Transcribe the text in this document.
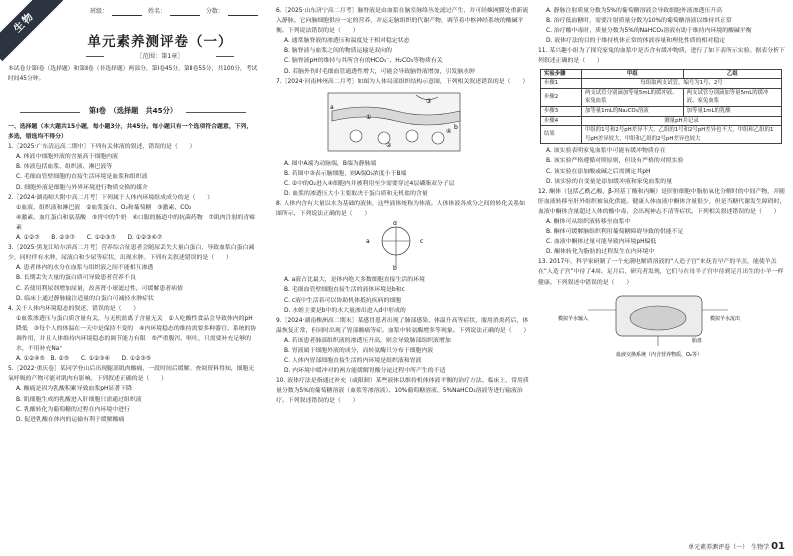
生物	班级：	姓名：	分数：
单元素养测评卷（一）
［范围：第1章］
本试卷分第Ⅰ卷（选择题）和第Ⅱ卷（非选择题）两部分，第Ⅰ卷45分，第Ⅱ卷55分，共100分，考试时间45分钟。
第Ⅰ卷　（选择题　共45分）

一、选择题（本大题共15小题，每小题3分，共45分。每小题只有一个选项符合题意，下列，多选，错选均不得分）

1.［2025·广东清远高二期中］下列有关体液的叙述，错误的是（　　）

A. 体液中细胞外液的含量高于细胞内液

B. 体液包括血浆、组织液、淋巴液等

C. 毛细血管壁细胞的直接生活环境是血浆和组织液

D. 细胞外液是细胞与外界环境进行物质交换的媒介

2.［2024·湖南师大附中高二月考］下列属于人体内环境组成成分的是（　　）

①血液、组织液和淋巴液　②血浆蛋白、O₂和葡萄糖　③激素、CO₂

④激素、血红蛋白和氨基酸　⑤胃中的牛奶　⑥口服的肠道中的抗菌药物　⑦肌肉注射的青霉素

A. ①②⑦　　B. ②③⑦　　C. ①②③⑦　　D. ①②③⑥⑦

3.［2025·黑龙江哈尔滨高二月考］营养综合征患者会随尿丢失大量白蛋白，导致血浆白蛋白减少，同时伴有水肿，尿液白和少尿等症状，出现水肿。下列有关叙述错误的是（　　）

A. 患者体内的水分在血浆与组织液之间不能相互渗透

B. 长期丢失大量的蛋白质可导致患者营养不良

C. 若使用利尿剂增加尿量，改善肾小球滤过性，可缓解患者病情

D. 临床上通过静脉输注适量的白蛋白可减轻水肿症状

4. 关于人体内环境稳态的叙述，错误的是（　　）

①血浆渗透压与蛋白质含量有关，与无机盐离子含量无关　②人吃酸性食品会导致体内的pH降低　③每个人的体温在一天中是保持不变的　④内环境稳态的维持需要多种器官、系统的协调作用，并且人体维持内环境稳态的调节能力有限　⑤严重腹泻、呕吐，只需要补充足够的水，不用补充Na⁺

A. ①②④⑤　B. ②⑤　　C. ①②③④　　D. ①②③⑤

5.［2022·重庆卷］某同学登山后出现腿部肌肉酸痛，一段时间后缓解。查阅资料得知，细胞无氧呼吸的产物可能对肌肉有影响。下列叙述正确的是（　　）

A. 酸痛是因为乳酸积累导致血浆pH显著下降

B. 肌细胞生成的乳酸进入肝细胞只需通过组织液

C. 乳酸转化为葡萄糖的过程在内环境中进行

D. 促进乳酸在体内的运输有利于缓解酸痛

6.［2025·山东济宁高二月考］脑脊液是由血浆在脑室脉络丛处滤过产生，并可经蛛网膜处重新流入静脉。它向脑细胞供应一定的营养，并运走脑组织的代谢产物，调节着中枢神经系统的酸碱平衡。下列说法错误的是（　　）

A. 通常脑脊液的渗透压和温度处于相对稳定状态

B. 脑脊液与血浆之间的物质运输是双向的

C. 脑脊液pH的维持与其所含有的HCO₃⁻、H₂CO₃等物质有关

D. 若脑外伤时毛细血管通透性增大，可能会导致脑脊液增加，引发脑水肿

7.［2024·河南林州高二月考］如图为人体局部组织结构示意图，下列相关叙述错误的是（　　）

①
②
③
④
a
b

A. 图中A端为动脉端，B端为静脉端

B. 若图中③表示脑细胞，则A端O₂浓度小于B端

C. ②中的O₂进入④细胞内并被利用至少需要穿过4层磷脂双分子层

D. 血浆的渗透压大小主要取决于蛋白质和无机盐的含量

8. 人体内含有大量以水为基础的液体，这些液体统称为体液。人体体液各成分之间的转化关系如图所示，下列说法正确的是（　　）

a
b
c
d

A. a液占比最大，是体内绝大多数细胞直接生活的环境

B. 毛细血管壁细胞直接生活的液体环境是b和c

C. c液中生活着可以协助机体抵抗疾病的细胞

D. 水蛭主要是b中的水大量渗出进入d中形成的

9.［2024·湖南株洲高二期末］某感冒患者出现了肺部感染，体温升高等症状，服用消炎药后，体温恢复正常，但同时出现了胃部酸痛等症。血浆中转氨酶增多等现象。下列说法正确的是（　　）

A. 若该患者肺部组织液的渗透压升高，则会导致肺部组织液增加

B. 胃液属于细胞外液的成分，而转氨酶只分布于细胞内液

C. 人体内胃部细胞直接生活的内环境是组织液和胃液

D. 内环境中缓冲对的两方能缓解胃酸分泌过程中所产生的不适

10. 液体疗法是指通过补充（或限制）某些液体以维持机体体液平衡的治疗方法。临床上，常用质量分数为5%的葡萄糖溶液（血浆等渗溶液）、10%葡萄糖溶液、5%NaHCO₃溶液等进行输液治疗。下列叙述错误的是（　　）

A. 静脉注射质量分数为5%的葡萄糖溶液会导致细胞外液渗透压升高

B. 治疗低血糖时，需要注射质量分数为10%的葡萄糖溶液以维持其正常

C. 治疗酸中毒时，质量分数为5%的NaHCO₃溶液有助于维持内环境的酸碱平衡

D. 液体疗法的目的于维持机体正常的体液容量和理化性质的相对稳定

11. 某兴趣小组为了探究家兔的血浆中是否含有缓冲物质，进行了如下表所示实验。据表分析下列叙述正确的是（　　）

实验步骤	甲组	乙组
步骤1	每组取两支试管，编号为1号、2号	
步骤2	两支试管分别滴加等量5mL的缓冲液、家兔血浆	两支试管分别滴加等量5mL的缓冲液、家兔血浆
步骤3	加等量1mL的Na₂CO₃溶液	加等量1mL的乳酸
步骤4	测量pH并记录	
结果	甲组的1号和2号pH差异不大，乙组的1号和2号pH差异也不大，甲组和乙组的1号pH差异较大，甲组和乙组的2号pH差异也较大	

A. 该实验表明家兔血浆中可能有缓冲物质存在

B. 该实验严格遵循对照原则，但设有严格的对照实验

C. 该实验在添加酸或碱之后需测定其pH

D. 该实验的自变量是添加缓冲液和家兔血浆的量

12. 酮体（包括乙酰乙酸、β-羟基丁酸和丙酮）是肝脏细胞中脂肪氧化分解时的中间产物，并随肝血液转移至肝外组织被氧化供能。健康人体血液中酮体含量很少，但是当糖代谢发生障碍时，血液中酮体含量超过人体的酸中毒、会出现神志不清等症状。下列相关叙述错误的是（　　）

A. 酮体可从组织液转移至血浆中

B. 酮体可缓解脑组织利用葡萄糖障碍导致的供能不足

C. 血液中酮体过量可能导致内环境pH偏低

D. 酮体转化为脂肪的过程发生在内环境中

13. 2017年，科学家研制了一个充满电解质溶液的“人造子宫”来抚育早产的羊羔，能使羊羔在“人造子宫”中待了4周。足月后，研究者发现，它们与在母羊子宫中待到足月出生的小羊一样健康。下列叙述中错误的是（　　）

模拟羊水输入	模拟羊水流出
胎盘
血液交换系统（内含营养物质、O₂等）
单元素养测评卷（一）　生物学 01
